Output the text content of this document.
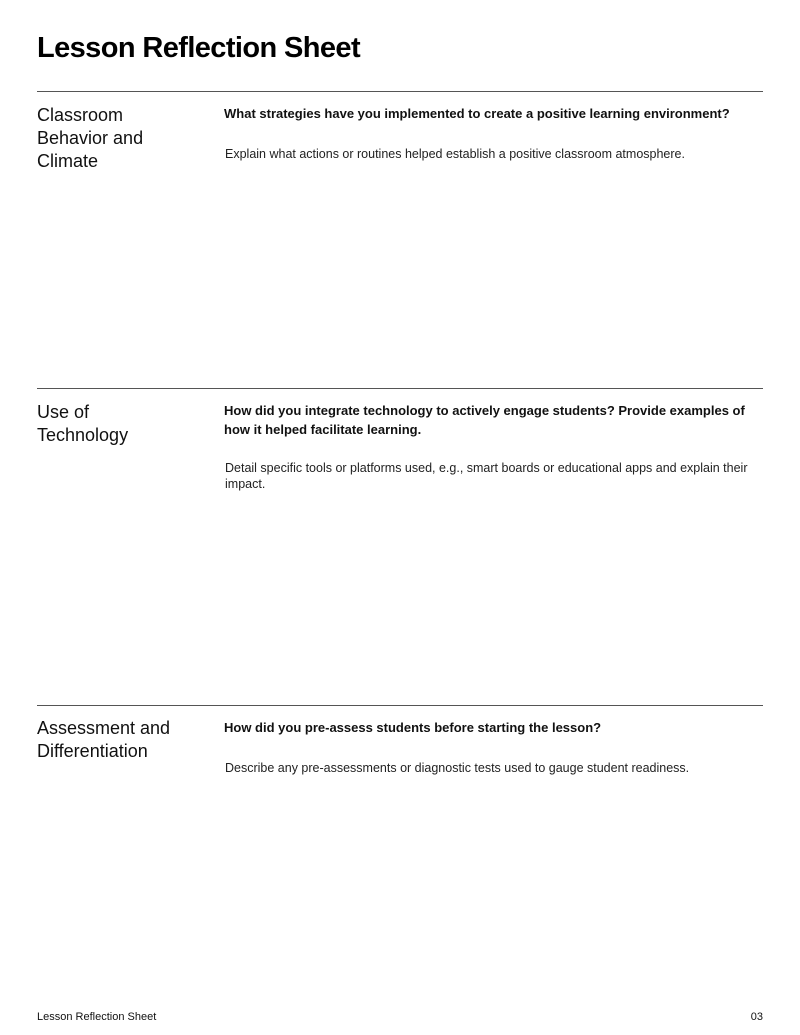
Lesson Reflection Sheet
Classroom Behavior and Climate

What strategies have you implemented to create a positive learning environment?

Explain what actions or routines helped establish a positive classroom atmosphere.

Use of Technology

How did you integrate technology to actively engage students? Provide examples of how it helped facilitate learning.

Detail specific tools or platforms used, e.g., smart boards or educational apps and explain their impact.

Assessment and Differentiation

How did you pre-assess students before starting the lesson?

Describe any pre-assessments or diagnostic tests used to gauge student readiness.

Lesson Reflection Sheet	03
